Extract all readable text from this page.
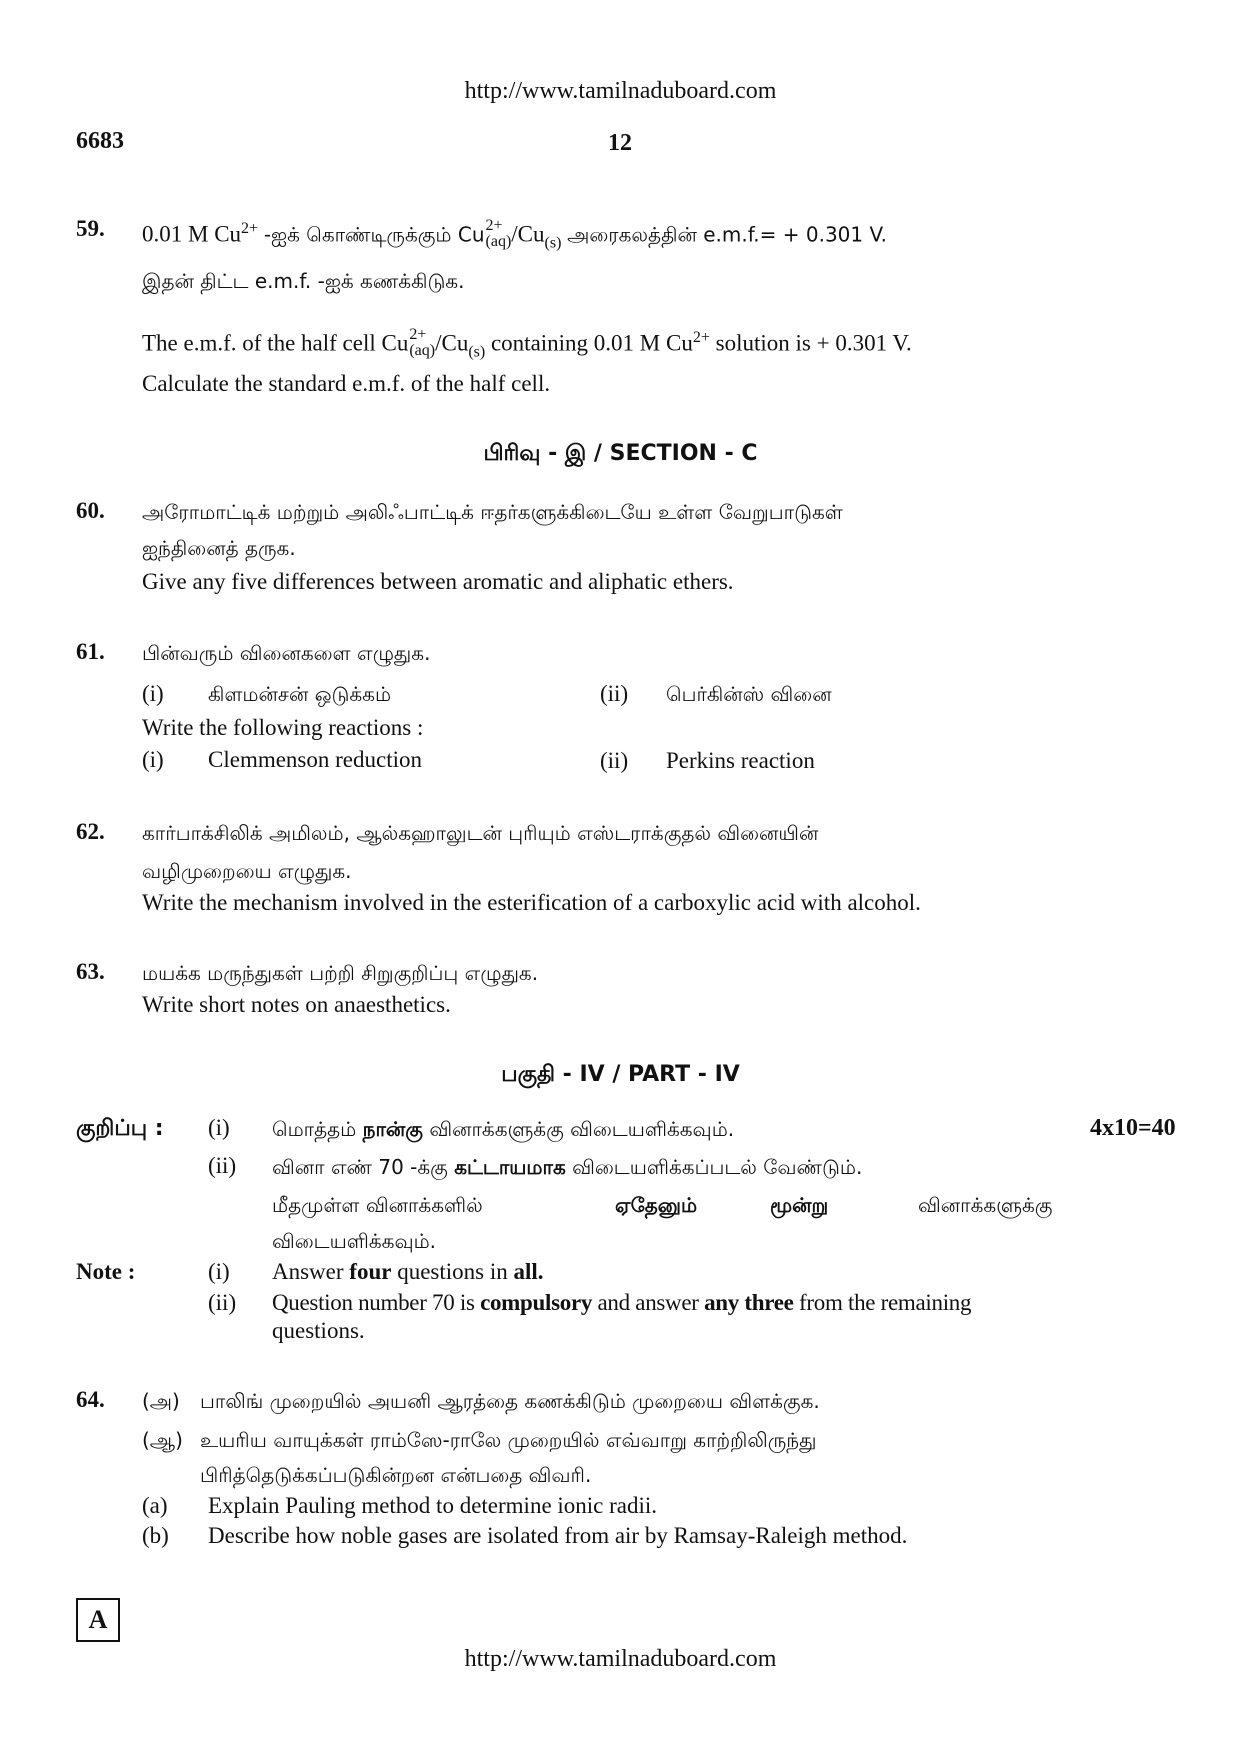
http://www.tamilnaduboard.com
6683	12
59. 0.01 M $Cu^{2+}$ -ஐக் கொண்டிருக்கும் Cu 2+
(aq) $/Cu_{(s)}$ அரைகலத்தின் e.m.f.= + 0.301 V.
இதன் திட்ட e.m.f. -ஐக் கணக்கிடுக.
The e.m.f. of the half cell Cu 2+
(aq) $/Cu_{(s)}$ containing 0.01 M $Cu^{2+}$ solution is + 0.301 V.
Calculate the standard e.m.f. of the half cell.
பிரிவு - இ / SECTION - C
60. அரோமாட்டிக் மற்றும் அலிஃபாட்டிக் ஈதர்களுக்கிடையே உள்ள வேறுபாடுகள்
ஐந்தினைத் தருக.
Give any five differences between aromatic and aliphatic ethers.
61. பின்வரும் வினைகளை எழுதுக.
(i) கிளமன்சன் ஒடுக்கம்	(ii) பெர்கின்ஸ் வினை
Write the following reactions :
(i) Clemmenson reduction	(ii) Perkins reaction
62. கார்பாக்சிலிக் அமிலம், ஆல்கஹாலுடன் புரியும் எஸ்டராக்குதல் வினையின்
வழிமுறையை எழுதுக.
Write the mechanism involved in the esterification of a carboxylic acid with alcohol.
63. மயக்க மருந்துகள் பற்றி சிறுகுறிப்பு எழுதுக.
Write short notes on anaesthetics.
பகுதி - IV / PART - IV
குறிப்பு : (i) மொத்தம் நான்கு வினாக்களுக்கு விடையளிக்கவும்.	4x10=40
(ii) வினா எண் 70 -க்கு கட்டாயமாக விடையளிக்கப்படல் வேண்டும்.
மீதமுள்ள வினாக்களில்	ஏதேனும்	மூன்று	வினாக்களுக்கு
விடையளிக்கவும்.
Note :	(i) Answer four questions in all.
(ii) Question number 70 is compulsory and answer any three from the remaining
questions.
64. (அ) பாலிங் முறையில் அயனி ஆரத்தை கணக்கிடும் முறையை விளக்குக.
(ஆ) உயரிய வாயுக்கள் ராம்ஸே-ராலே முறையில் எவ்வாறு காற்றிலிருந்து
பிரித்தெடுக்கப்படுகின்றன என்பதை விவரி.
(a) Explain Pauling method to determine ionic radii.
(b) Describe how noble gases are isolated from air by Ramsay-Raleigh method.
A
http://www.tamilnaduboard.com
